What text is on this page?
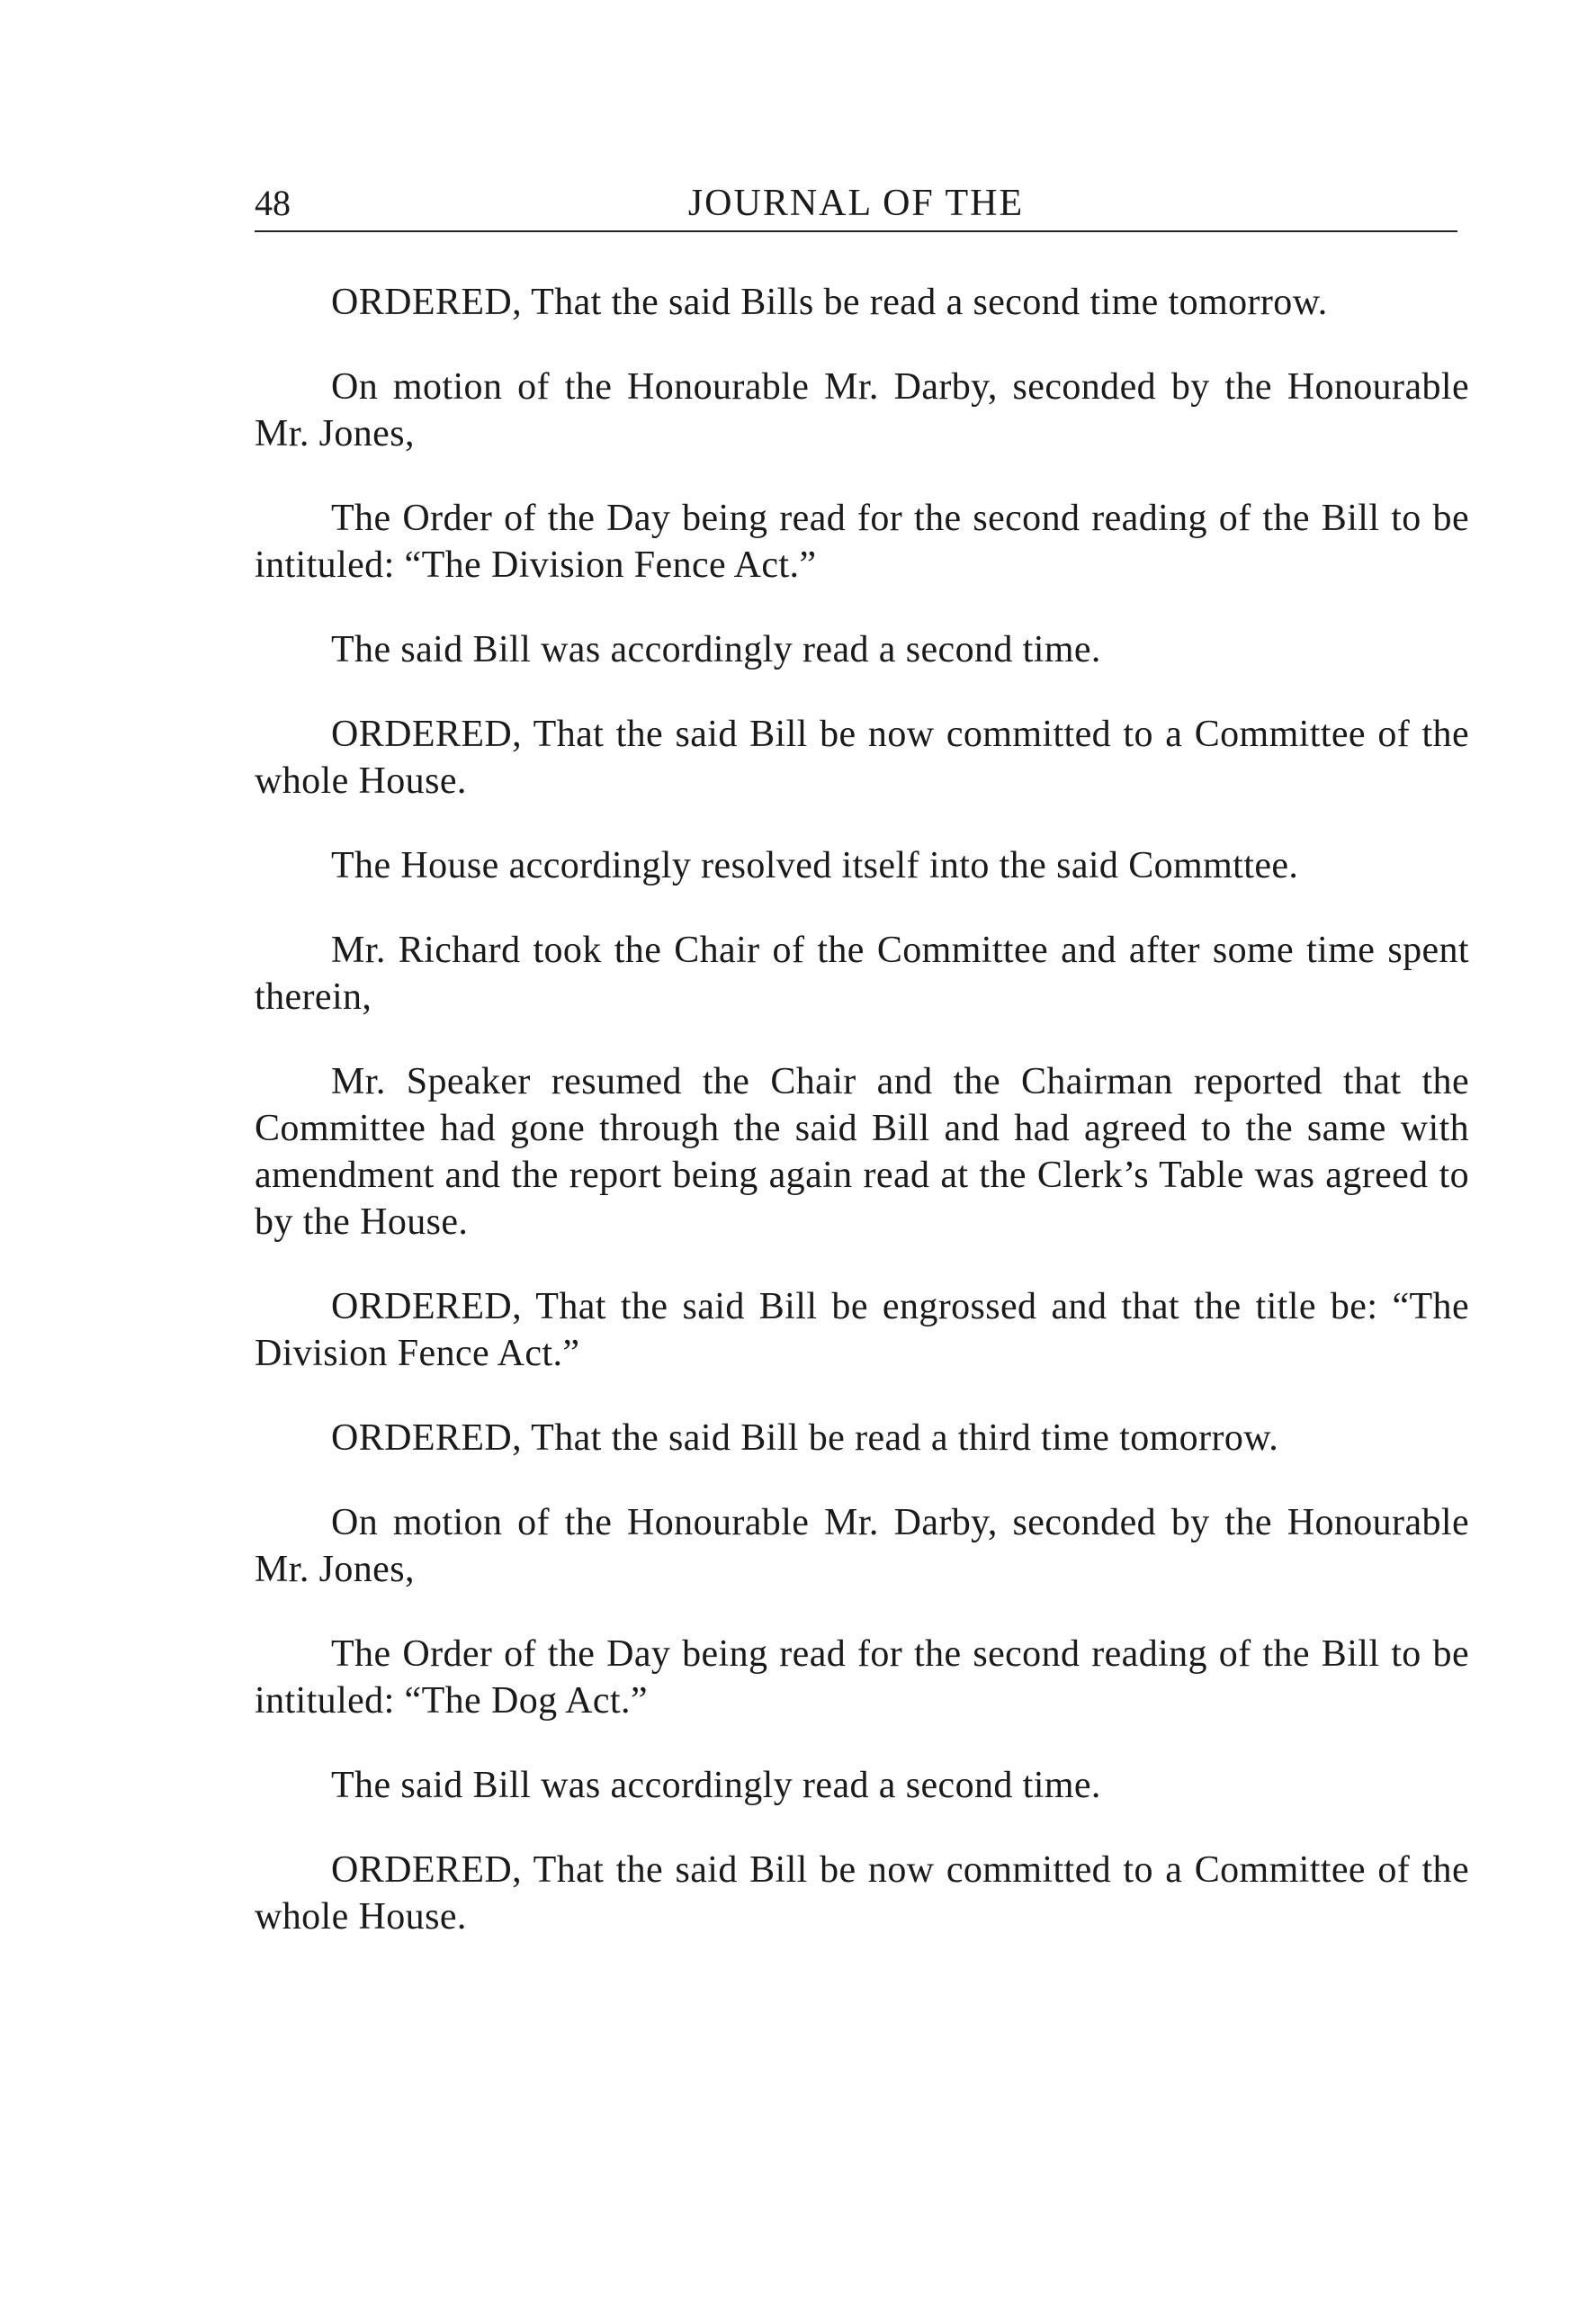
48	JOURNAL OF THE

ORDERED, That the said Bills be read a second time tomorrow.

On motion of the Honourable Mr. Darby, seconded by the Honourable Mr. Jones,

The Order of the Day being read for the second reading of the Bill to be intituled: “The Division Fence Act.”

The said Bill was accordingly read a second time.

ORDERED, That the said Bill be now committed to a Committee of the whole House.

The House accordingly resolved itself into the said Commttee.

Mr. Richard took the Chair of the Committee and after some time spent therein,

Mr. Speaker resumed the Chair and the Chairman reported that the Committee had gone through the said Bill and had agreed to the same with amendment and the report being again read at the Clerk’s Table was agreed to by the House.

ORDERED, That the said Bill be engrossed and that the title be: “The Division Fence Act.”

ORDERED, That the said Bill be read a third time tomorrow.

On motion of the Honourable Mr. Darby, seconded by the Honourable Mr. Jones,

The Order of the Day being read for the second reading of the Bill to be intituled: “The Dog Act.”

The said Bill was accordingly read a second time.

ORDERED, That the said Bill be now committed to a Committee of the whole House.
